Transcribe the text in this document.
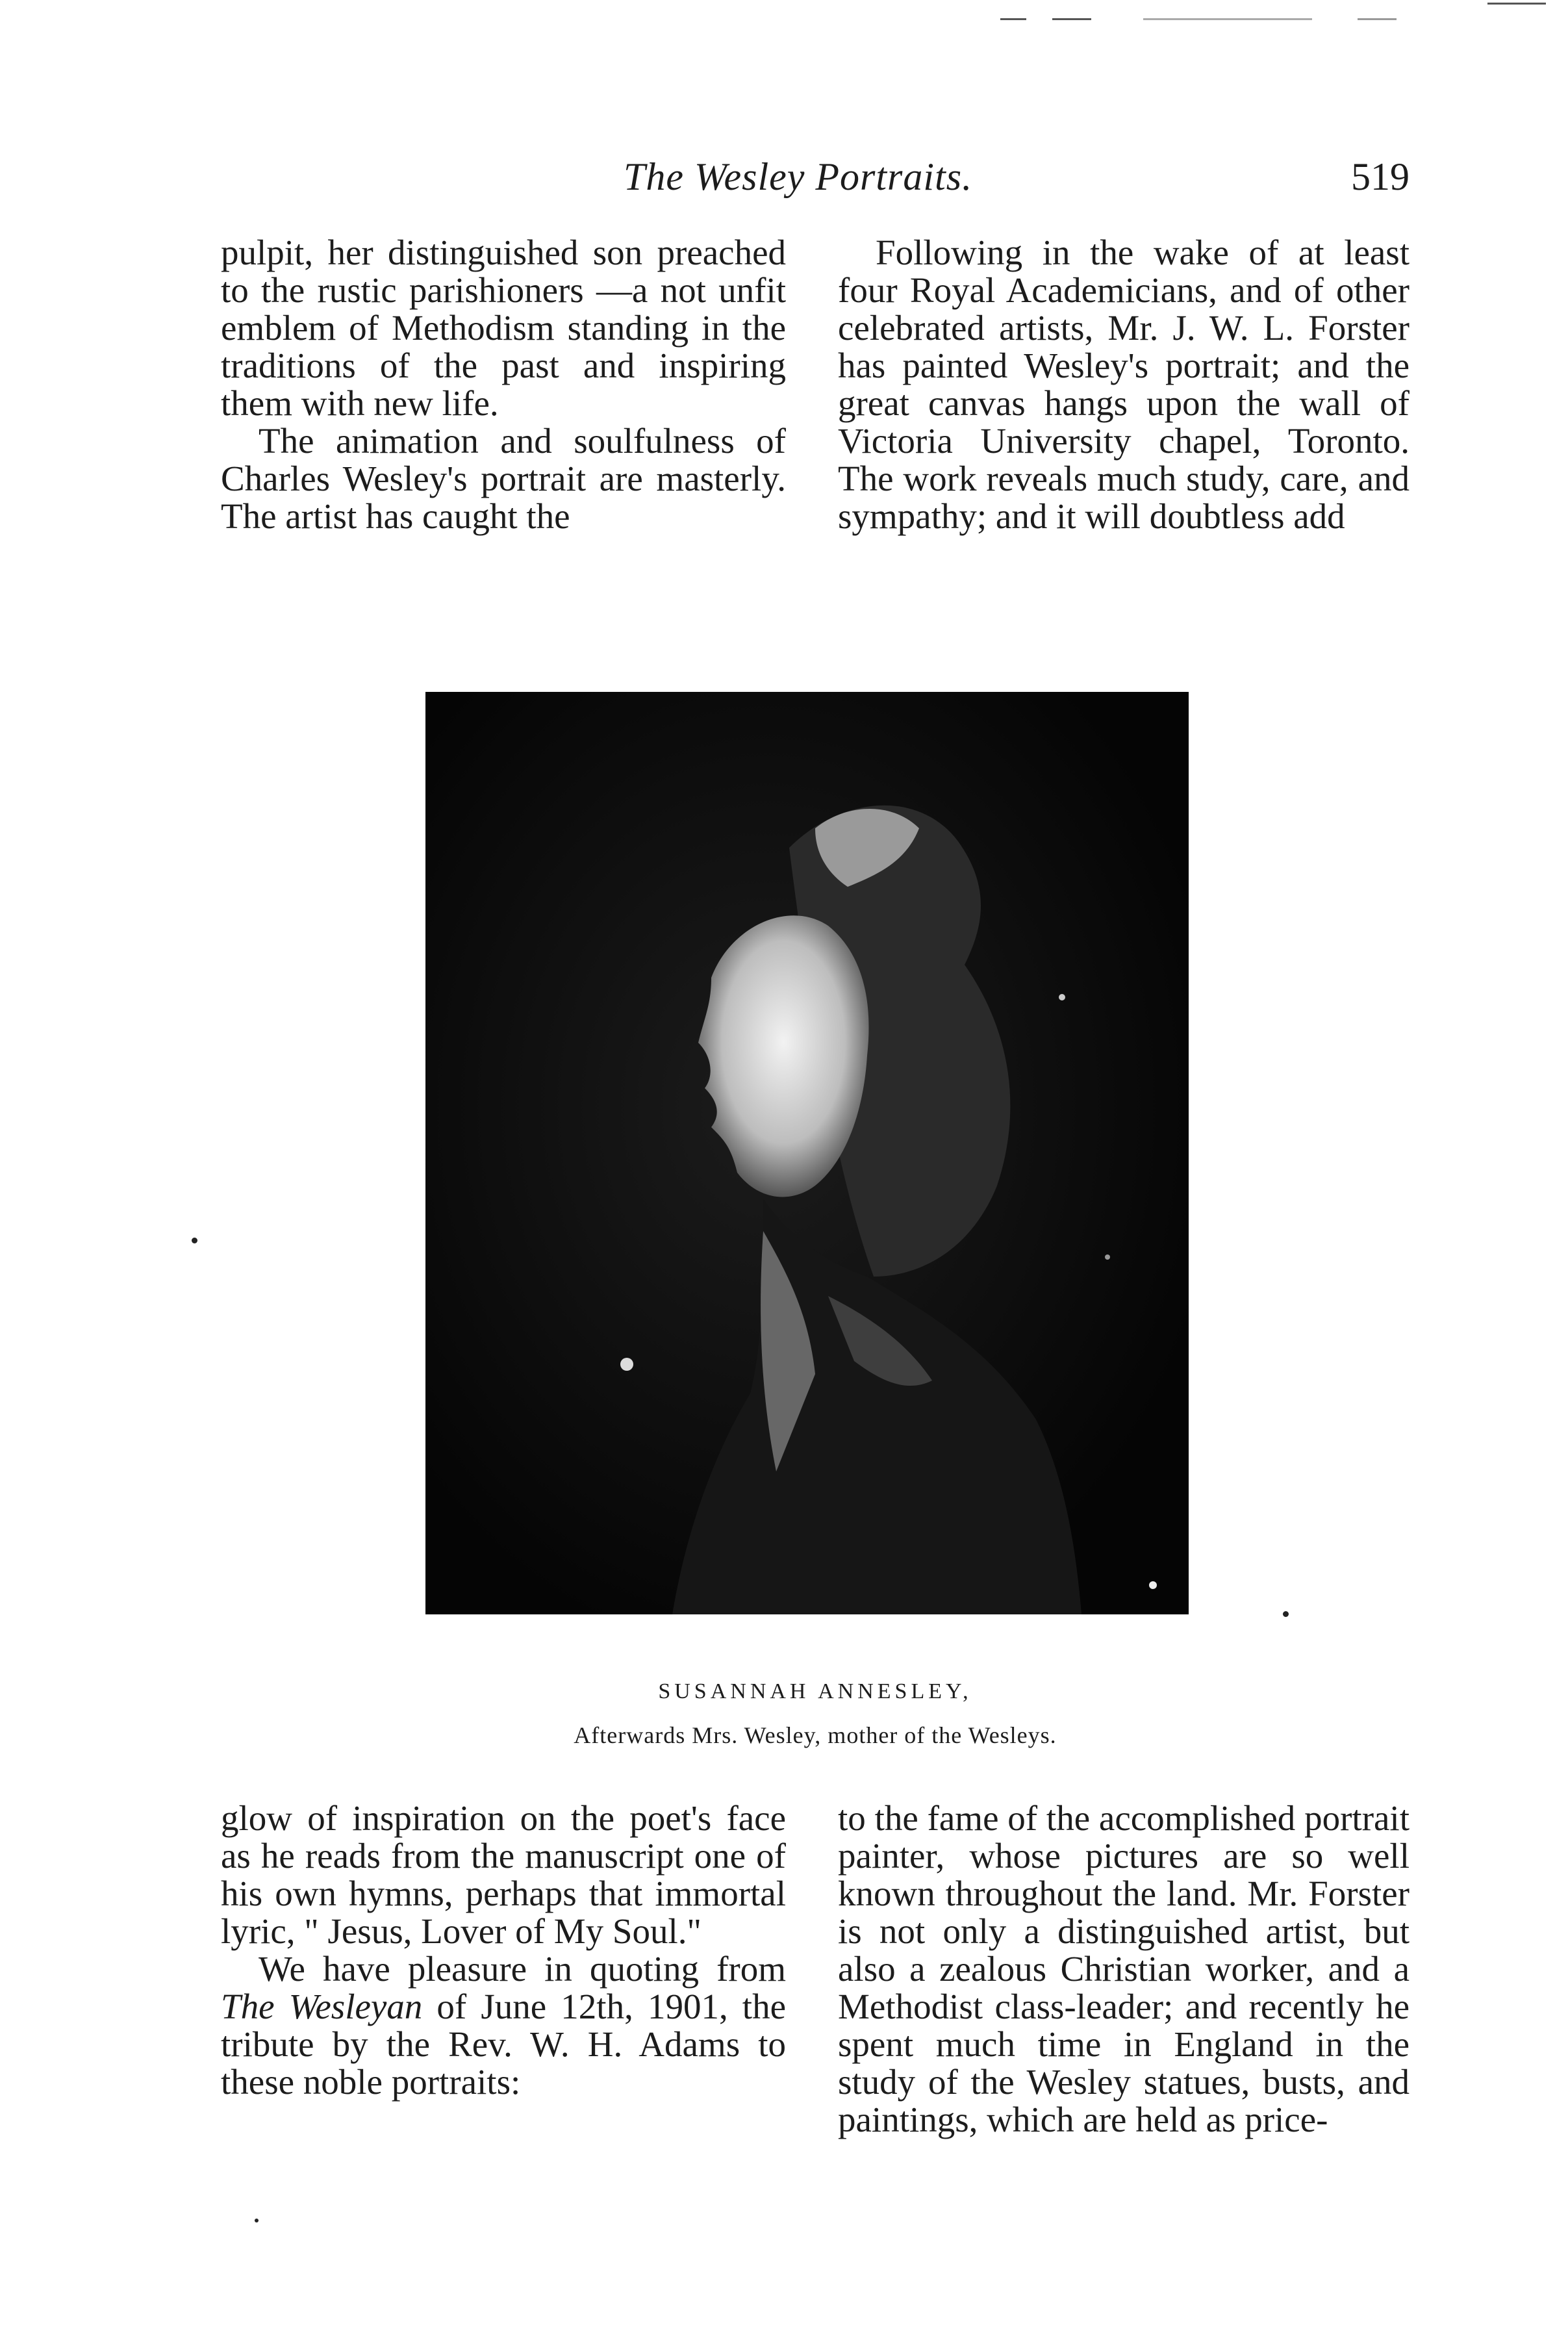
The Wesley Portraits.	519

pulpit, her distinguished son preached to the rustic parishioners —a not unfit emblem of Methodism standing in the traditions of the past and inspiring them with new life.

The animation and soulfulness of Charles Wesley's portrait are masterly. The artist has caught the

Following in the wake of at least four Royal Academicians, and of other celebrated artists, Mr. J. W. L. Forster has painted Wesley's portrait; and the great canvas hangs upon the wall of Victoria University chapel, Toronto. The work reveals much study, care, and sympathy; and it will doubtless add

SUSANNAH ANNESLEY,
Afterwards Mrs. Wesley, mother of the Wesleys.

glow of inspiration on the poet's face as he reads from the manuscript one of his own hymns, perhaps that immortal lyric, " Jesus, Lover of My Soul."

We have pleasure in quoting from The Wesleyan of June 12th, 1901, the tribute by the Rev. W. H. Adams to these noble portraits:

to the fame of the accomplished portrait painter, whose pictures are so well known throughout the land. Mr. Forster is not only a distinguished artist, but also a zealous Christian worker, and a Methodist class-leader; and recently he spent much time in England in the study of the Wesley statues, busts, and paintings, which are held as price-
